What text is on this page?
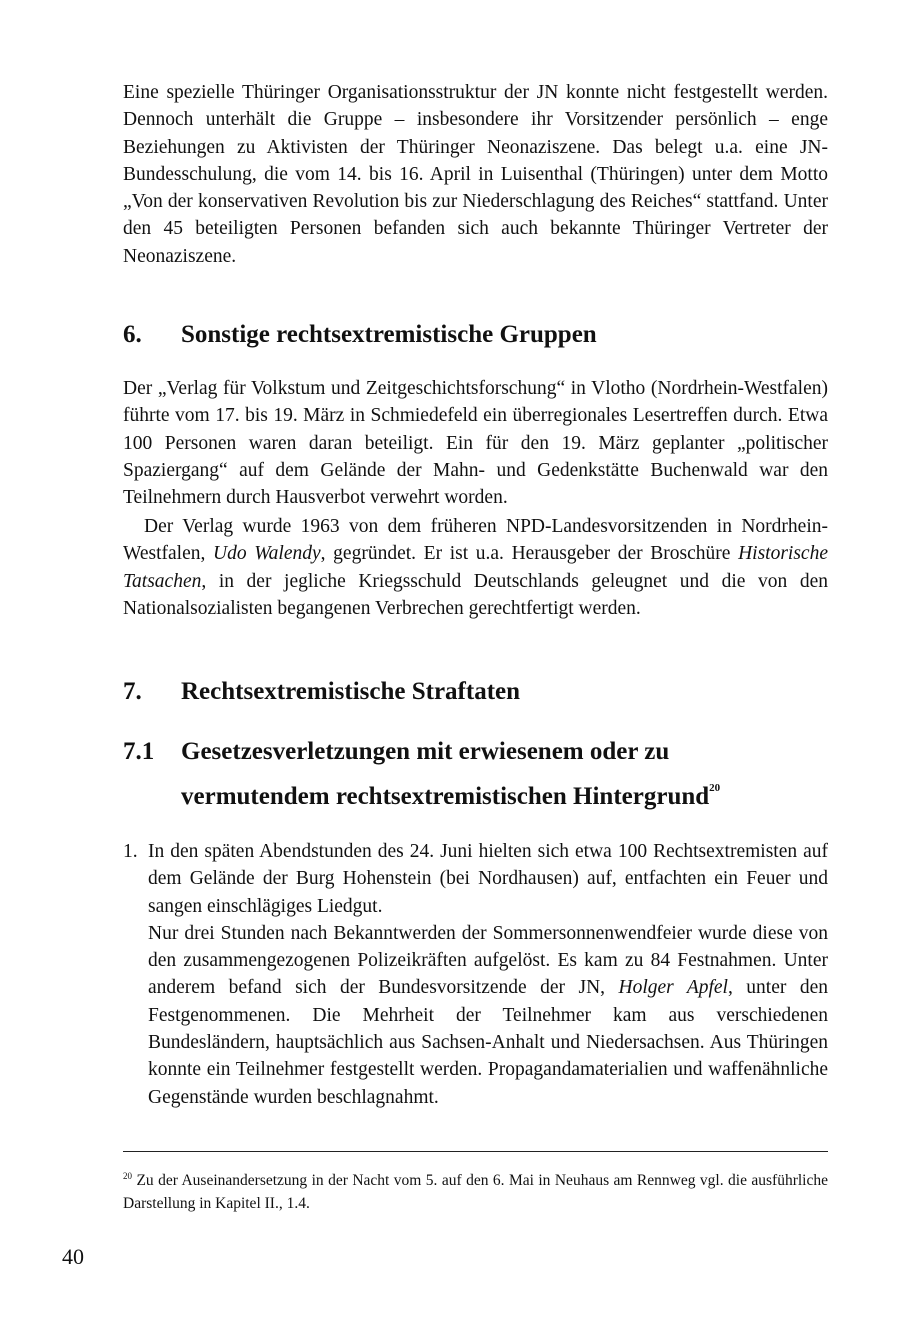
Eine spezielle Thüringer Organisationsstruktur der JN konnte nicht festgestellt werden. Dennoch unterhält die Gruppe – insbesondere ihr Vorsitzender persönlich – enge Beziehungen zu Aktivisten der Thüringer Neonaziszene. Das belegt u.a. eine JN-Bundesschulung, die vom 14. bis 16. April in Luisenthal (Thüringen) unter dem Motto „Von der konservativen Revolution bis zur Niederschlagung des Reiches“ stattfand. Unter den 45 beteiligten Personen befanden sich auch bekannte Thüringer Vertreter der Neonaziszene.

6. Sonstige rechtsextremistische Gruppen

Der „Verlag für Volkstum und Zeitgeschichtsforschung“ in Vlotho (Nordrhein-Westfalen) führte vom 17. bis 19. März in Schmiedefeld ein überregionales Lesertreffen durch. Etwa 100 Personen waren daran beteiligt. Ein für den 19. März geplanter „politischer Spaziergang“ auf dem Gelände der Mahn- und Gedenkstätte Buchenwald war den Teilnehmern durch Hausverbot verwehrt worden.

Der Verlag wurde 1963 von dem früheren NPD-Landesvorsitzenden in Nordrhein-Westfalen, Udo Walendy, gegründet. Er ist u.a. Herausgeber der Broschüre Historische Tatsachen, in der jegliche Kriegsschuld Deutschlands geleugnet und die von den Nationalsozialisten begangenen Verbrechen gerechtfertigt werden.

7. Rechtsextremistische Straftaten
7.1 Gesetzesverletzungen mit erwiesenem oder zu
vermutendem rechtsextremistischen Hintergrund$^{20}$
1. In den späten Abendstunden des 24. Juni hielten sich etwa 100 Rechtsextremisten auf dem Gelände der Burg Hohenstein (bei Nordhausen) auf, entfachten ein Feuer und sangen einschlägiges Liedgut.

Nur drei Stunden nach Bekanntwerden der Sommersonnenwendfeier wurde diese von den zusammengezogenen Polizeikräften aufgelöst. Es kam zu 84 Festnahmen. Unter anderem befand sich der Bundesvorsitzende der JN, Holger Apfel, unter den Festgenommenen. Die Mehrheit der Teilnehmer kam aus verschiedenen Bundesländern, hauptsächlich aus Sachsen-Anhalt und Niedersachsen. Aus Thüringen konnte ein Teilnehmer festgestellt werden. Propagandamaterialien und waffenähnliche Gegenstände wurden beschlagnahmt.

$^{20}$ Zu der Auseinandersetzung in der Nacht vom 5. auf den 6. Mai in Neuhaus am Rennweg vgl. die ausführliche Darstellung in Kapitel II., 1.4.

40
